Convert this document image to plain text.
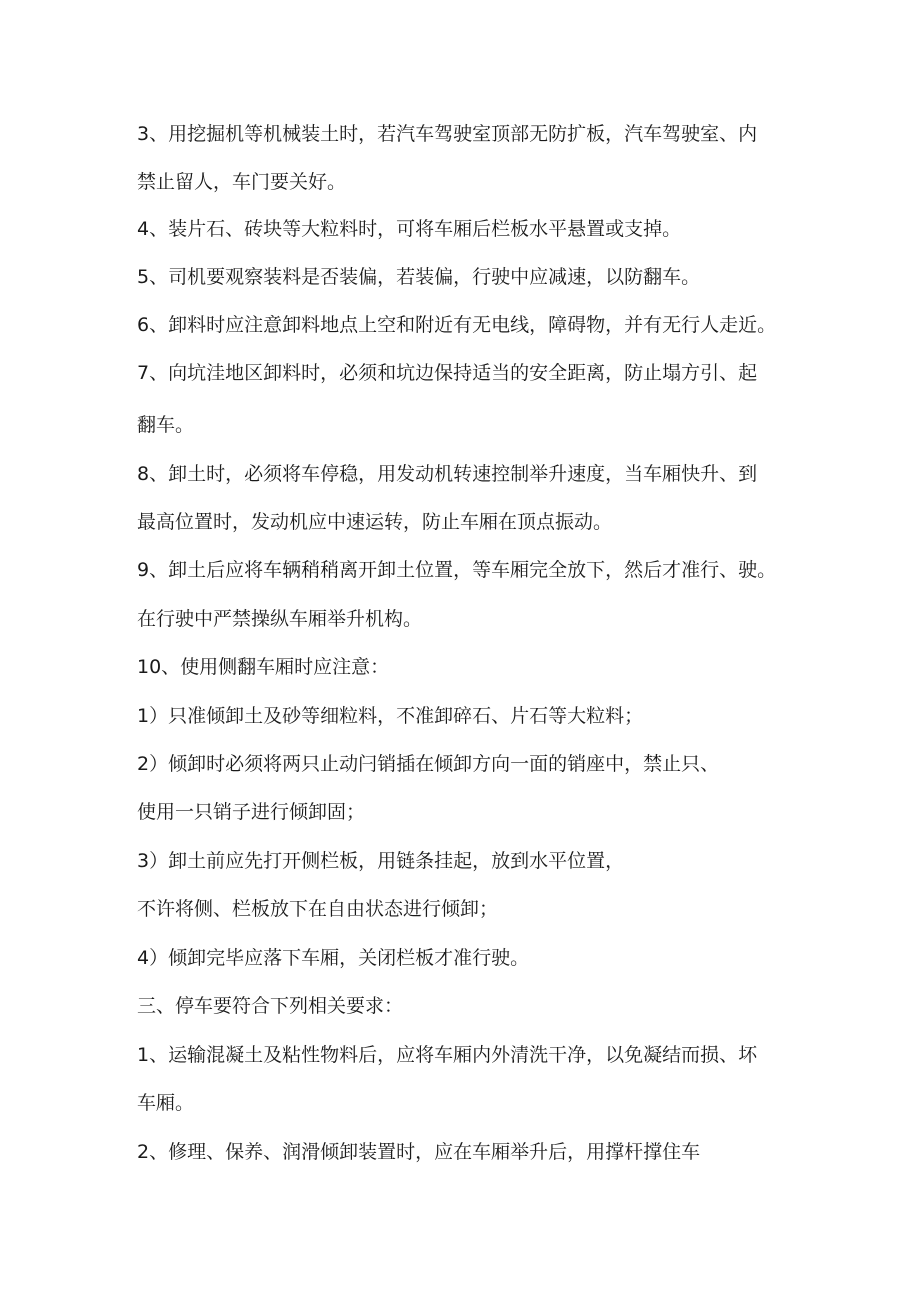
3、用挖掘机等机械装土时，若汽车驾驶室顶部无防扩板，汽车驾驶室、内

禁止留人，车门要关好。

4、装片石、砖块等大粒料时，可将车厢后栏板水平悬置或支掉。

5、司机要观察装料是否装偏，若装偏，行驶中应减速，以防翻车。

6、卸料时应注意卸料地点上空和附近有无电线，障碍物，并有无行人走近。

7、向坑洼地区卸料时，必须和坑边保持适当的安全距离，防止塌方引、起

翻车。

8、卸土时，必须将车停稳，用发动机转速控制举升速度，当车厢快升、到

最高位置时，发动机应中速运转，防止车厢在顶点振动。

9、卸土后应将车辆稍稍离开卸土位置，等车厢完全放下，然后才准行、驶。

在行驶中严禁操纵车厢举升机构。

10、使用侧翻车厢时应注意：

1）只准倾卸土及砂等细粒料，不准卸碎石、片石等大粒料；

2）倾卸时必须将两只止动闩销插在倾卸方向一面的销座中，禁止只、

使用一只销子进行倾卸固；

3）卸土前应先打开侧栏板，用链条挂起，放到水平位置，

不许将侧、栏板放下在自由状态进行倾卸；

4）倾卸完毕应落下车厢，关闭栏板才准行驶。

三、停车要符合下列相关要求：

1、运输混凝土及粘性物料后，应将车厢内外清洗干净，以免凝结而损、坏

车厢。

2、修理、保养、润滑倾卸装置时，应在车厢举升后，用撑杆撑住车
